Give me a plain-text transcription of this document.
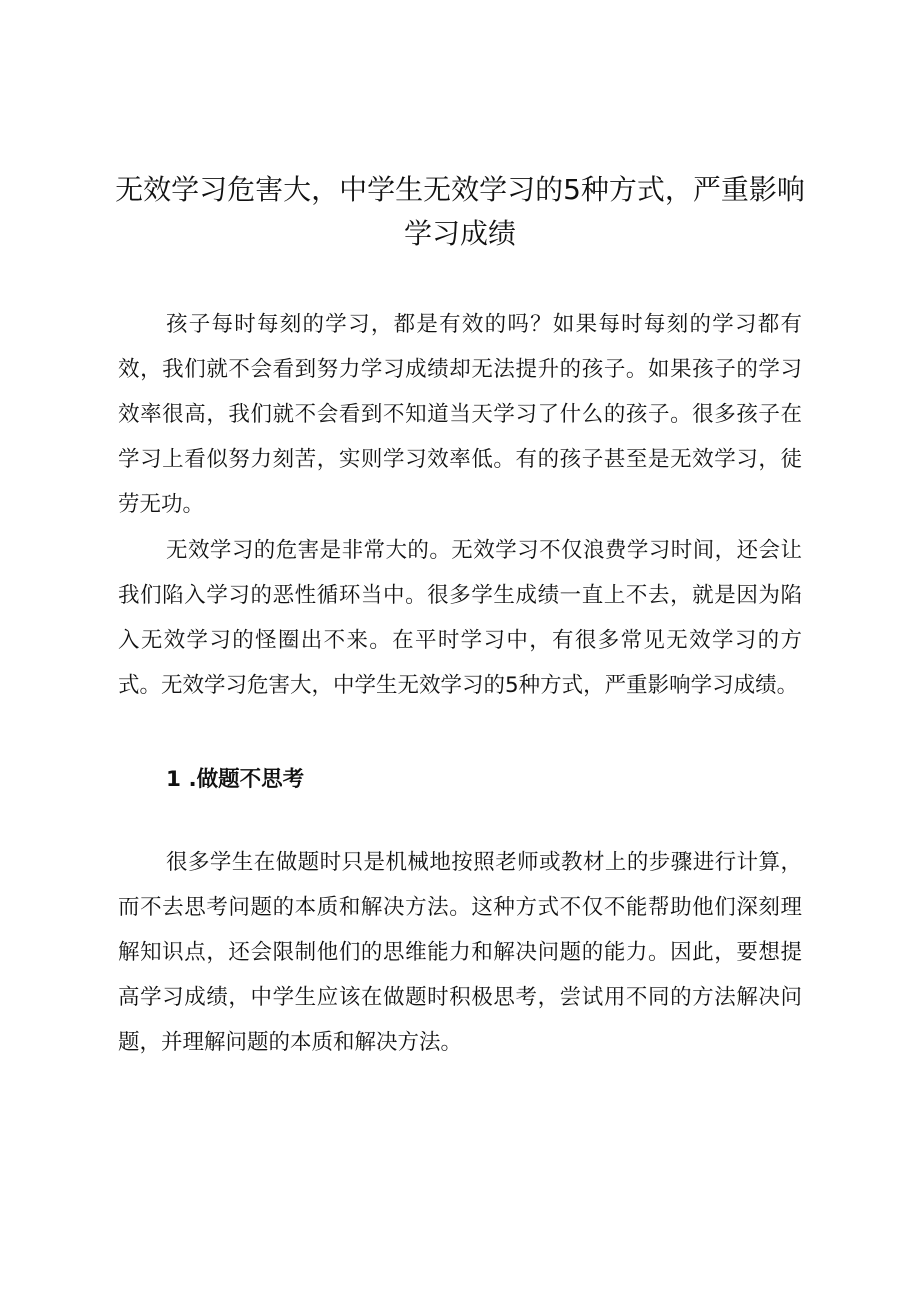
无效学习危害大，中学生无效学习的5种方式，严重影响学习成绩

孩子每时每刻的学习，都是有效的吗？如果每时每刻的学习都有效，我们就不会看到努力学习成绩却无法提升的孩子。如果孩子的学习效率很高，我们就不会看到不知道当天学习了什么的孩子。很多孩子在学习上看似努力刻苦，实则学习效率低。有的孩子甚至是无效学习，徒劳无功。

无效学习的危害是非常大的。无效学习不仅浪费学习时间，还会让我们陷入学习的恶性循环当中。很多学生成绩一直上不去，就是因为陷入无效学习的怪圈出不来。在平时学习中，有很多常见无效学习的方式。无效学习危害大，中学生无效学习的5种方式，严重影响学习成绩。

1 .做题不思考

很多学生在做题时只是机械地按照老师或教材上的步骤进行计算，而不去思考问题的本质和解决方法。这种方式不仅不能帮助他们深刻理解知识点，还会限制他们的思维能力和解决问题的能力。因此，要想提高学习成绩，中学生应该在做题时积极思考，尝试用不同的方法解决问题，并理解问题的本质和解决方法。
